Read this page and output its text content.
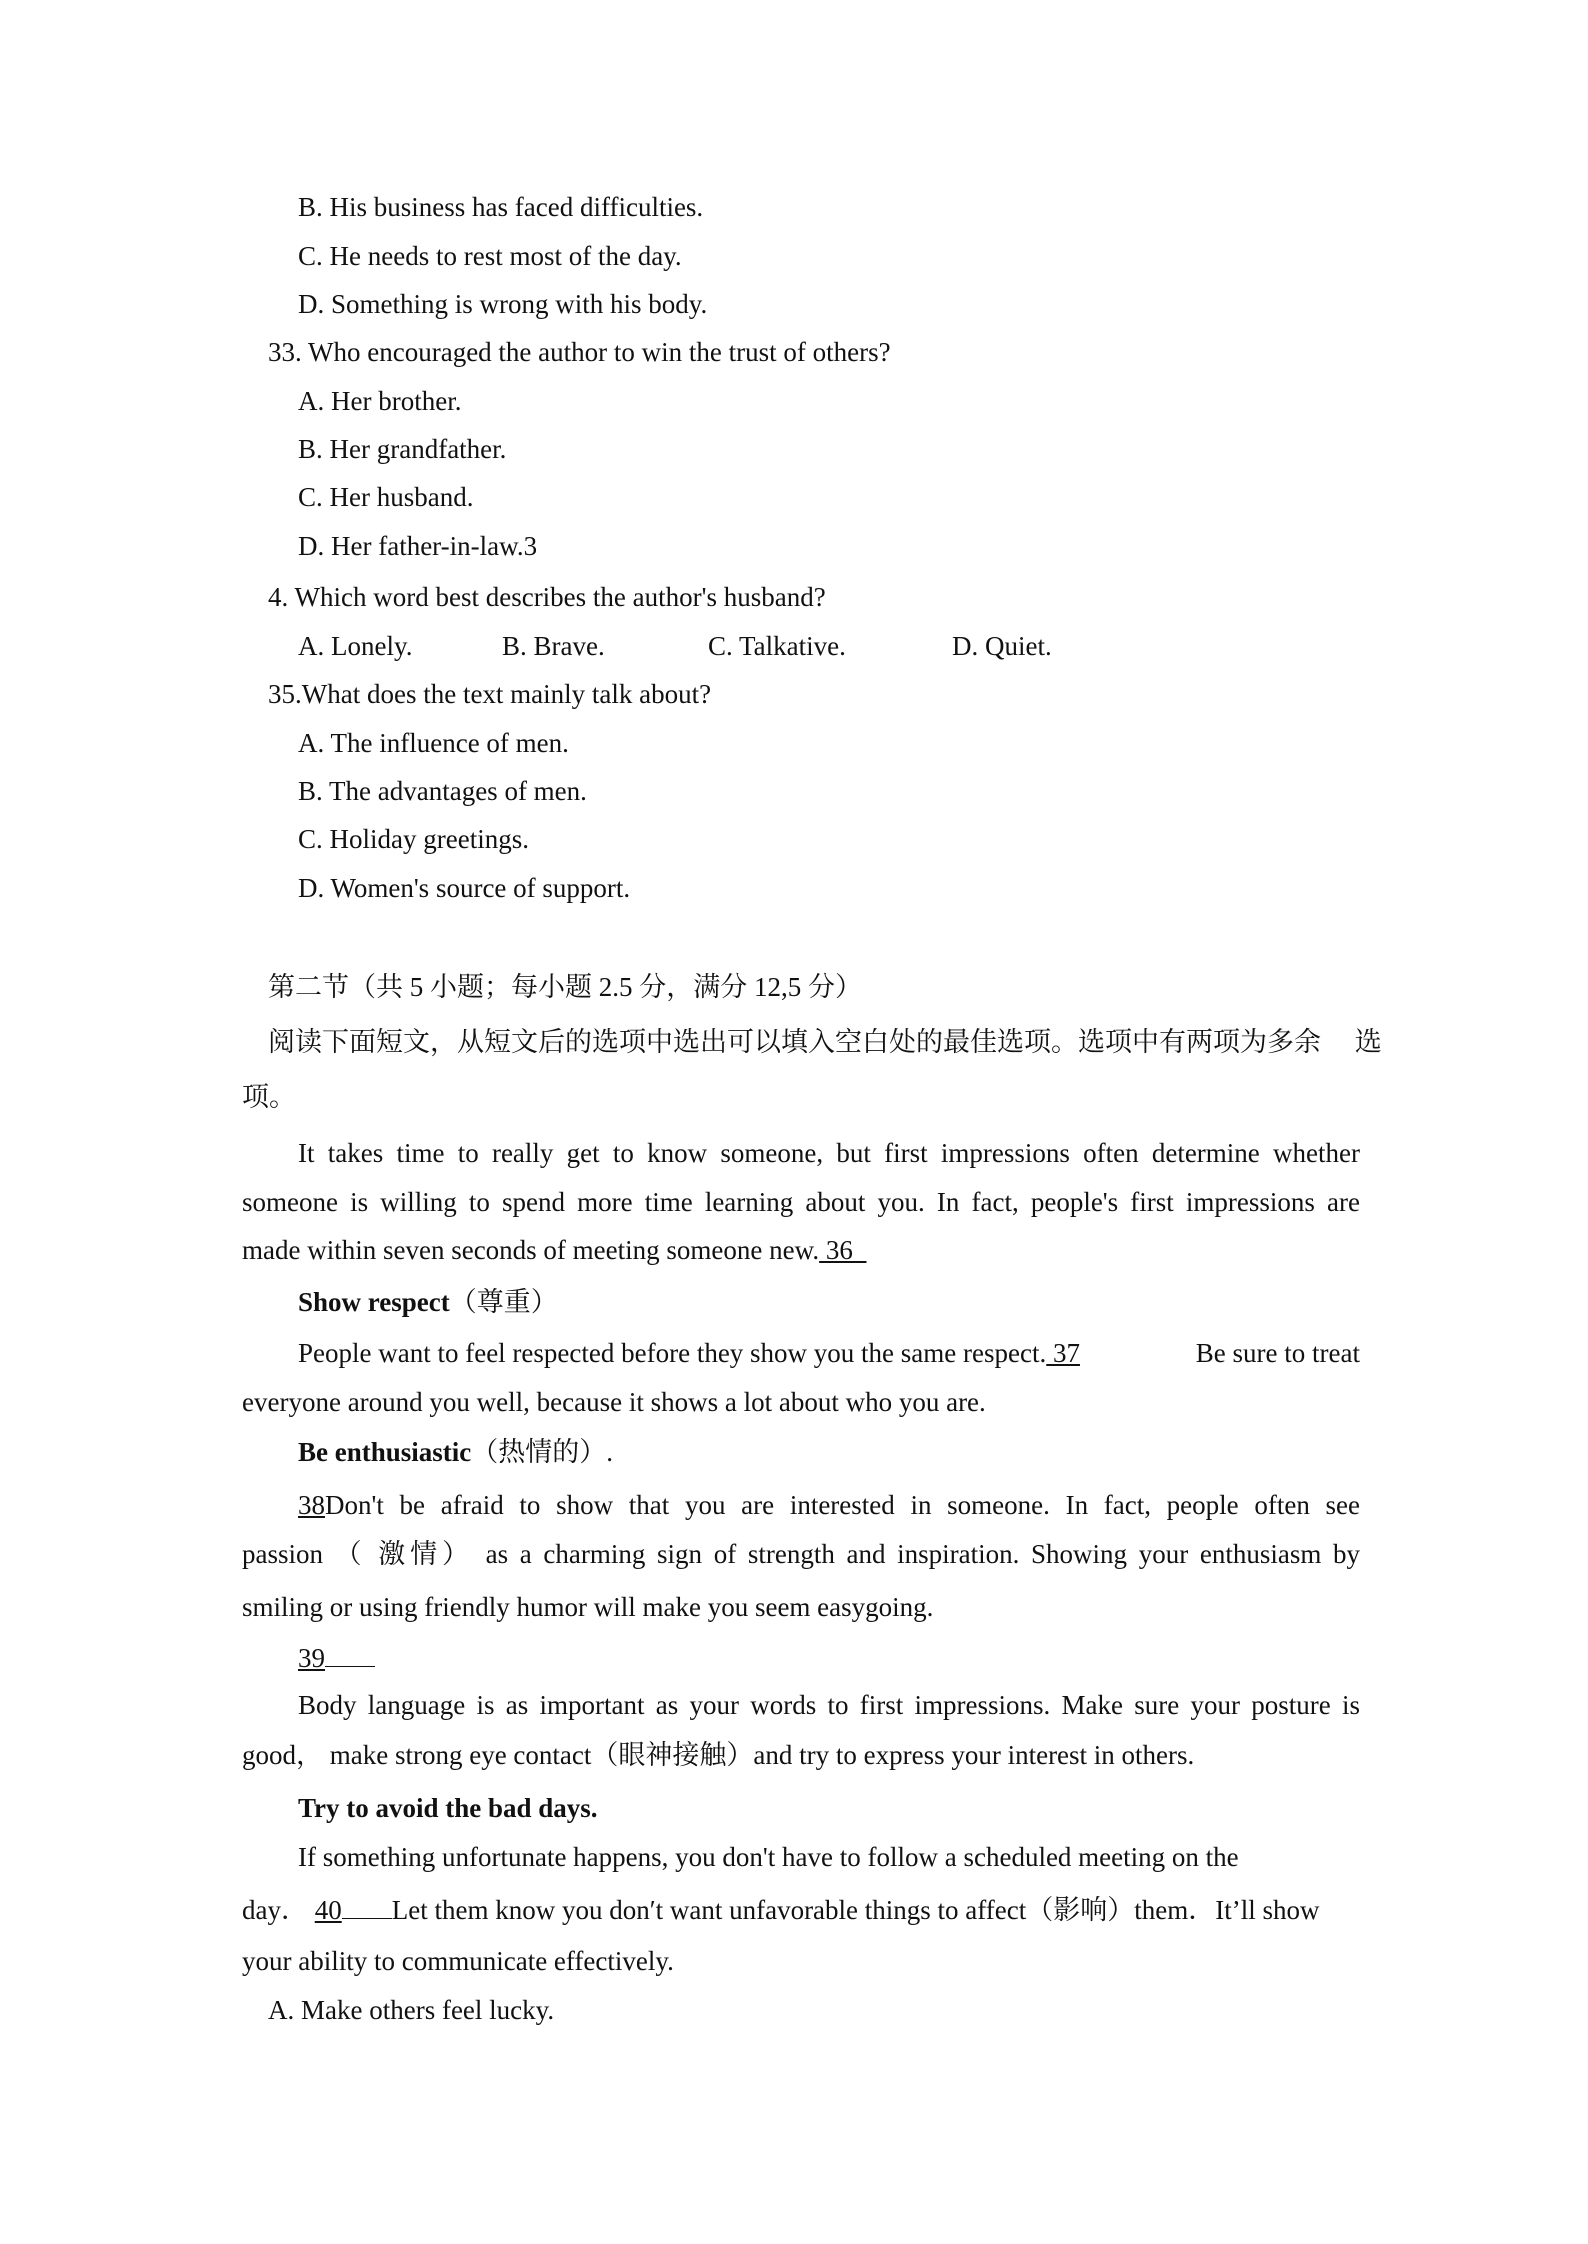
B. His business has faced difficulties.
C. He needs to rest most of the day.
D. Something is wrong with his body.
33. Who encouraged the author to win the trust of others?
A. Her brother.
B. Her grandfather.
C. Her husband.
D. Her father-in-law.3
4. Which word best describes the author's husband?
A. Lonely.	B. Brave.	C. Talkative.	D. Quiet.
35.What does the text mainly talk about?
A. The influence of men.
B. The advantages of men.
C. Holiday greetings.
D. Women's source of support.
第二节（共 5 小题；每小题 2.5 分，满分 12,5 分）
阅读下面短文，从短文后的选项中选出可以填入空白处的最佳选项。选项中有两项为多余　 选
项。
It takes time to really get to know someone, but first impressions often determine whether
someone is willing to spend more time learning about you. In fact, people's first impressions are
made within seven seconds of meeting someone new. 36_
Show respect（尊重）
People want to feel respected before they show you the same respect. 37	Be sure to treat
everyone around you well, because it shows a lot about who you are.
Be enthusiastic（热情的）.
38 Don't be afraid to show that you are interested in someone. In fact, people often see
passion （ 激情） as a charming sign of strength and inspiration. Showing your enthusiasm by
smiling or using friendly humor will make you seem easygoing.
39
Body language is as important as your words to first impressions. Make sure your posture is
good， make strong eye contact（眼神接触）and try to express your interest in others.
Try to avoid the bad days.
If something unfortunate happens, you don't have to follow a scheduled meeting on the
day． 40 Let them know you don′t want unfavorable things to affect（影响）them．It’ll show
your ability to communicate effectively.
A. Make others feel lucky.
